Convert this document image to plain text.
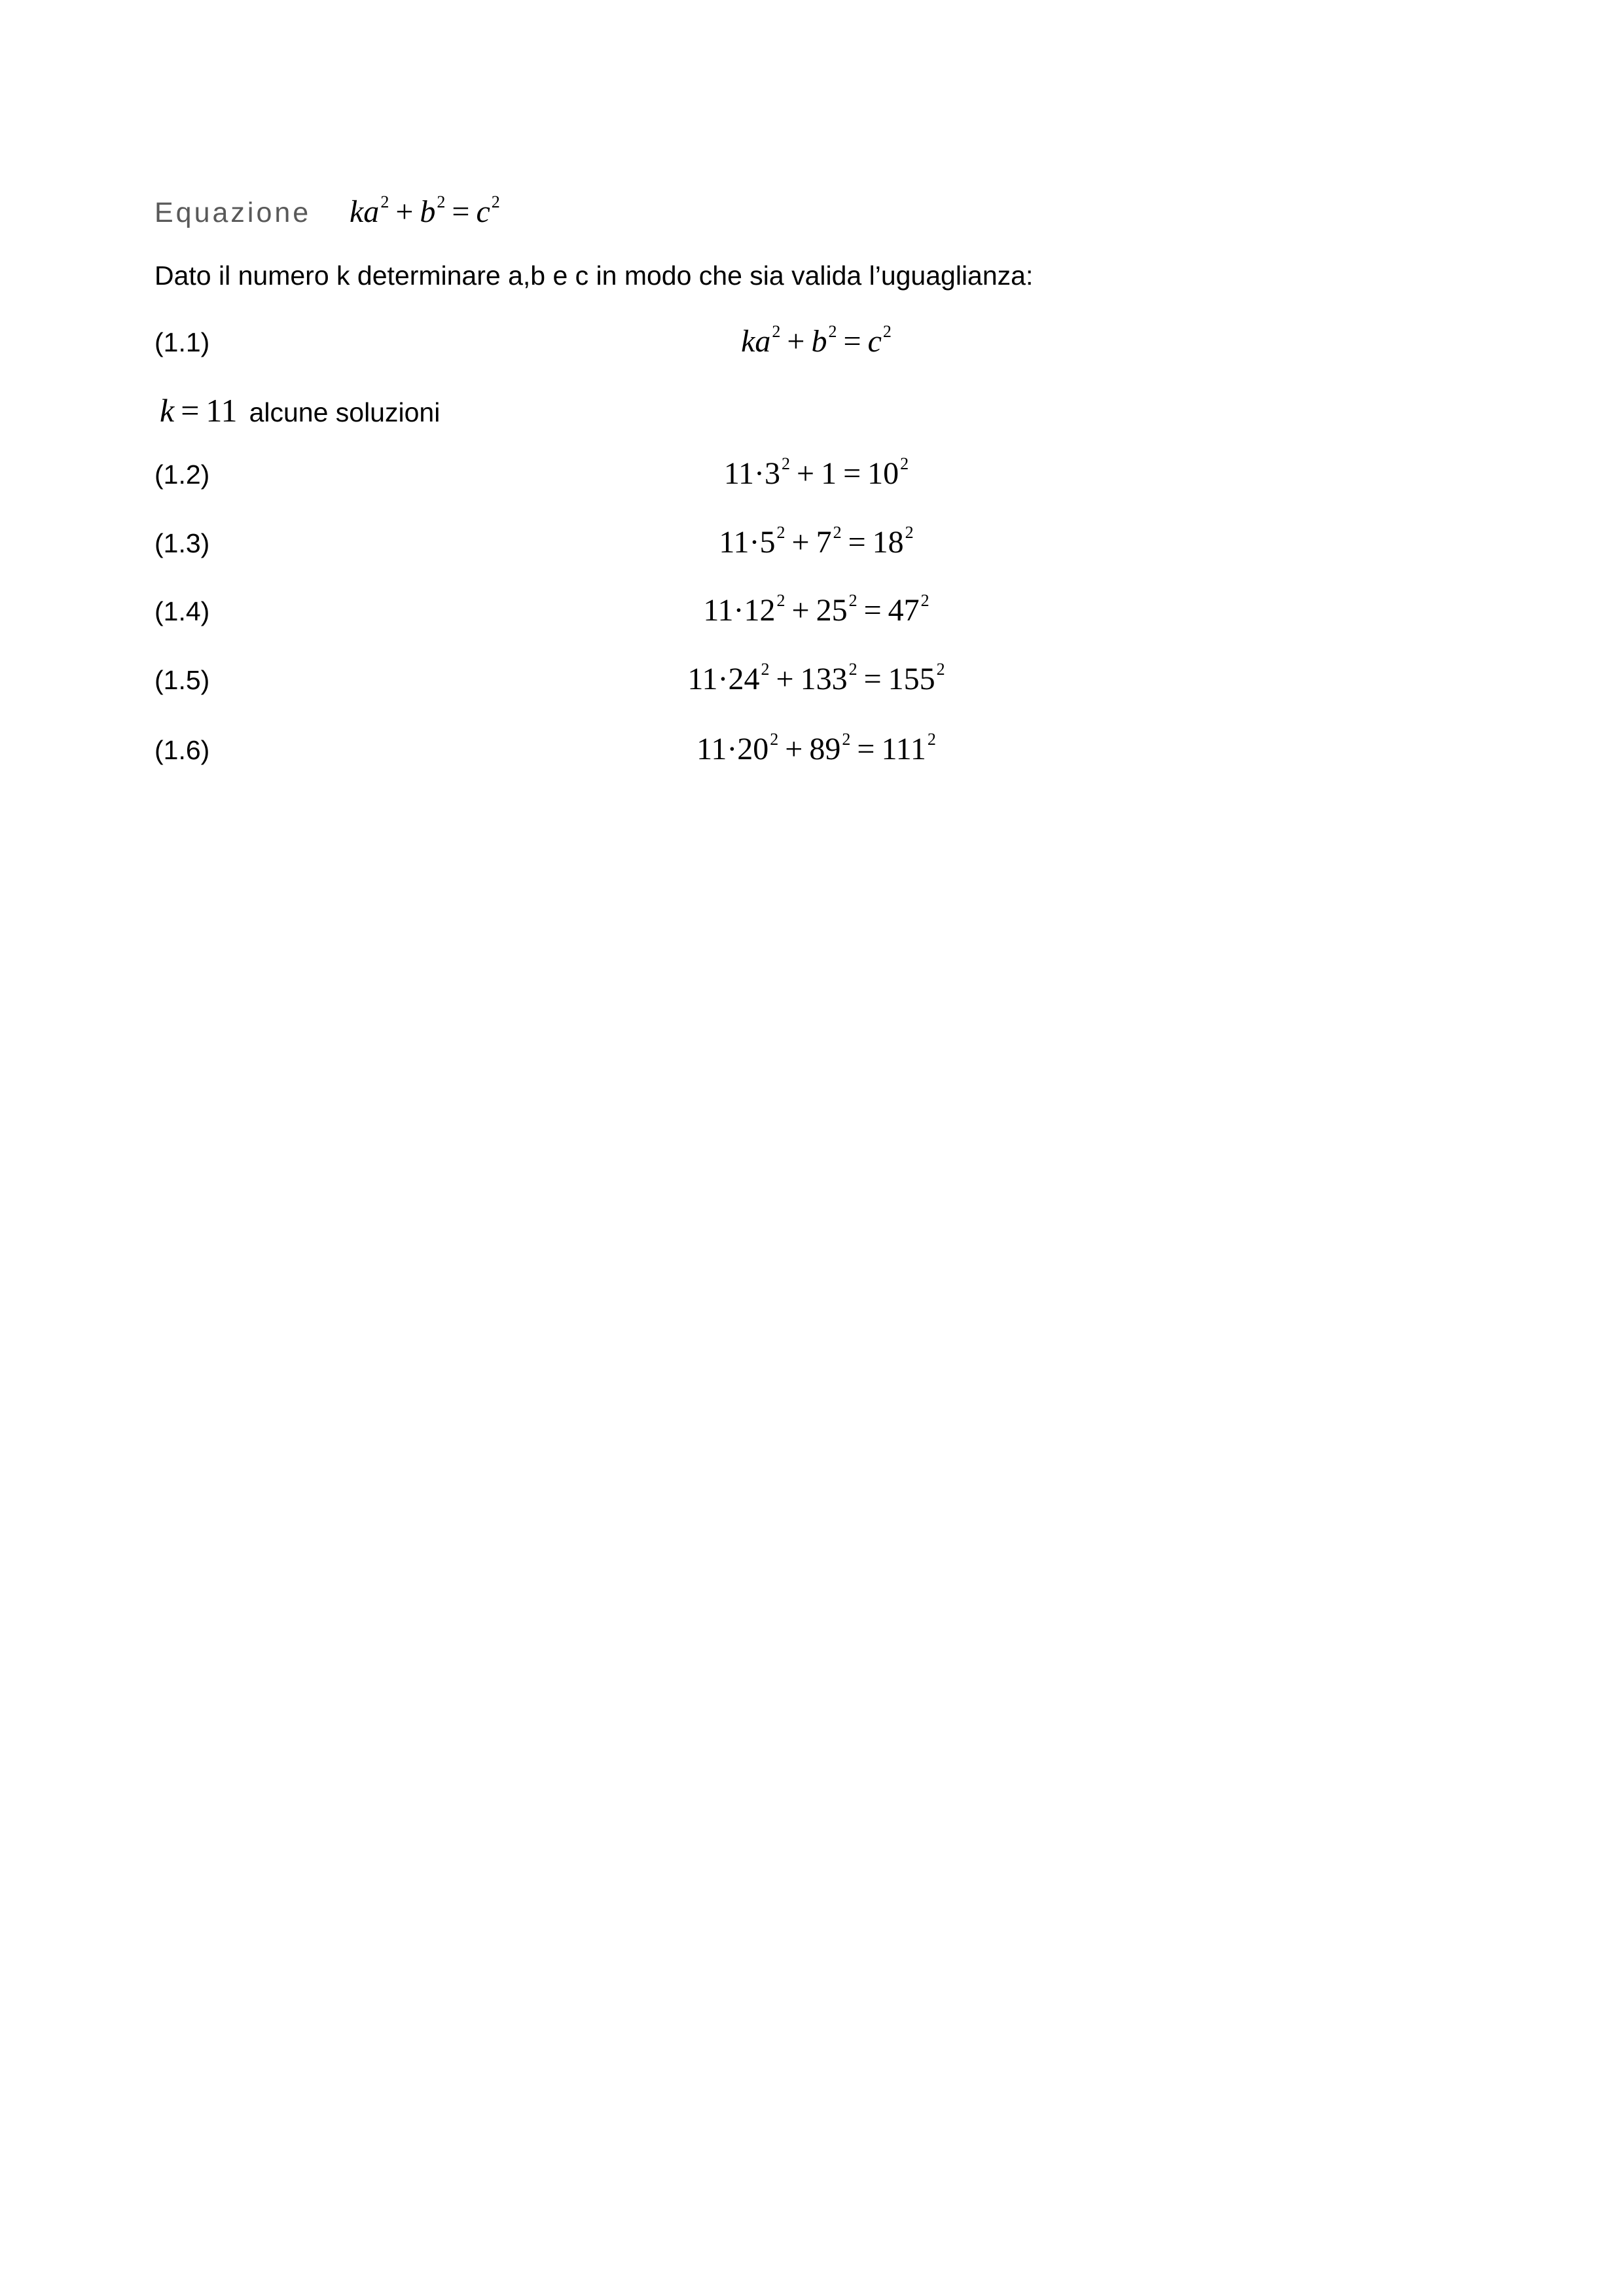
Equazione	$ka^2 + b^2 = c^2$
Dato il numero k determinare a,b e c in modo che sia valida l’uguaglianza:
(1.1)	$ka^2 + b^2 = c^2$
k = 11 alcune soluzioni
(1.2)	$11\cdot 3^2 + 1 = 10^2$
(1.3)	$11\cdot 5^2 + 7^2 = 18^2$
(1.4)	$11\cdot 12^2 + 25^2 = 47^2$
(1.5)	$11\cdot 24^2 + 133^2 = 155^2$
(1.6)	$11\cdot 20^2 + 89^2 = 111^2$
